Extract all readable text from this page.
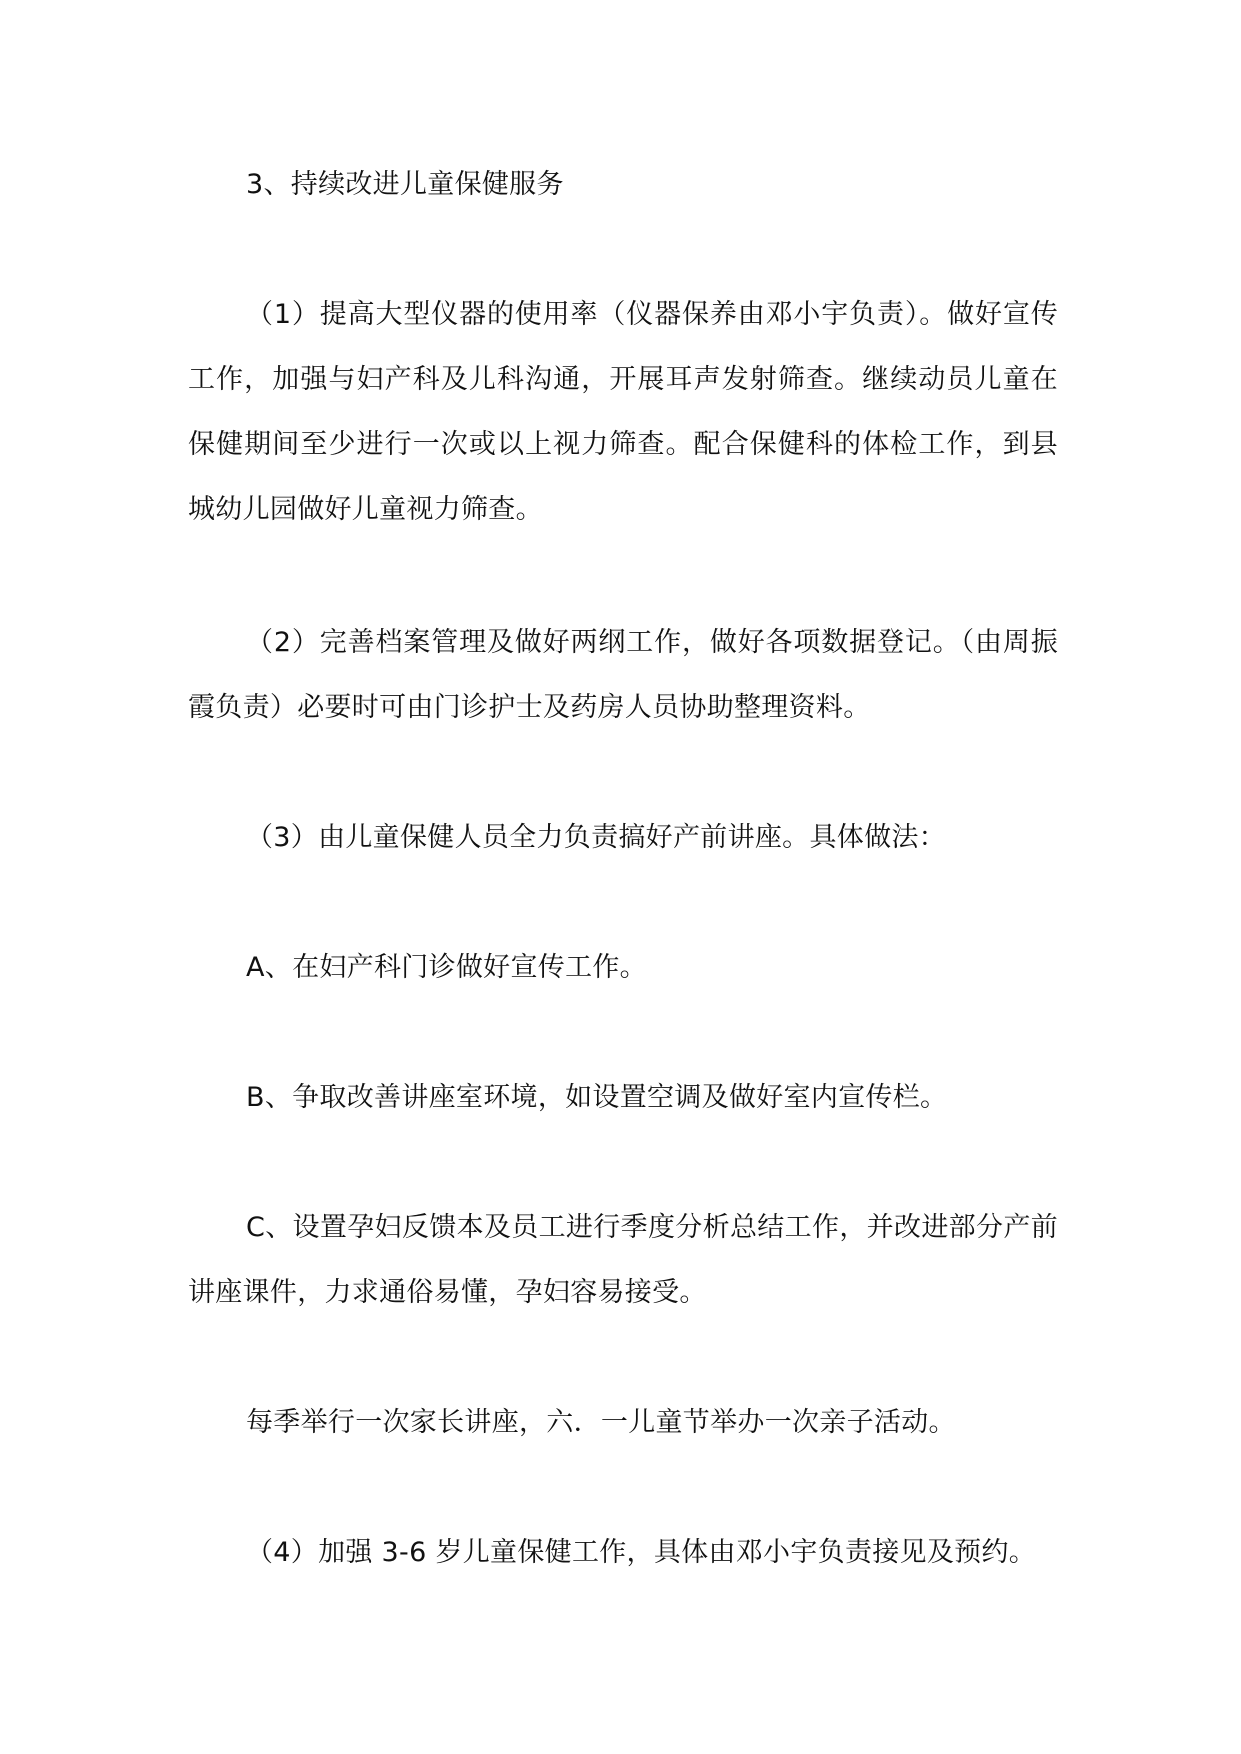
3、持续改进儿童保健服务

（1）提高大型仪器的使用率（仪器保养由邓小宇负责）。做好宣传工作，加强与妇产科及儿科沟通，开展耳声发射筛查。继续动员儿童在保健期间至少进行一次或以上视力筛查。配合保健科的体检工作，到县城幼儿园做好儿童视力筛查。

（2）完善档案管理及做好两纲工作，做好各项数据登记。（由周振霞负责）必要时可由门诊护士及药房人员协助整理资料。

（3）由儿童保健人员全力负责搞好产前讲座。具体做法：

A、在妇产科门诊做好宣传工作。

B、争取改善讲座室环境，如设置空调及做好室内宣传栏。

C、设置孕妇反馈本及员工进行季度分析总结工作，并改进部分产前讲座课件，力求通俗易懂，孕妇容易接受。

每季举行一次家长讲座，六．一儿童节举办一次亲子活动。

（4）加强 3-6 岁儿童保健工作，具体由邓小宇负责接见及预约。
